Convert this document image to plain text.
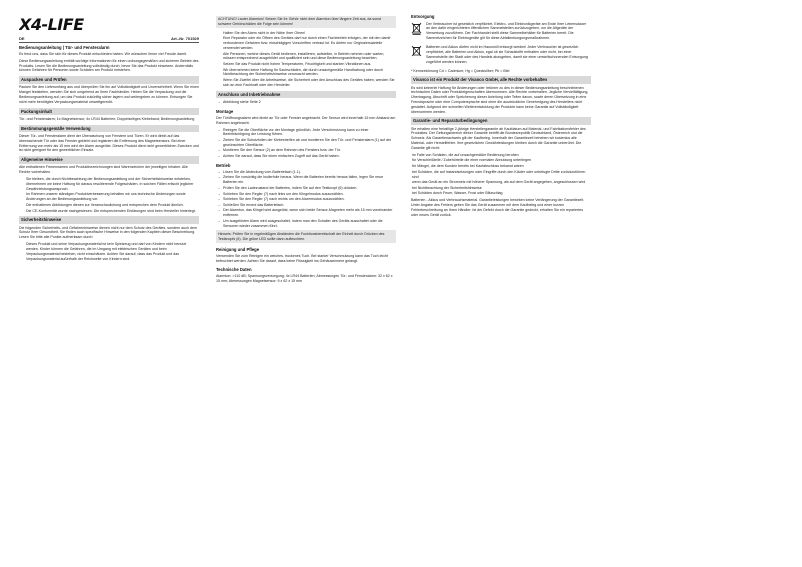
X4-LIFE
DE	Art.-Nr. 701529
Bedienungsanleitung | Tür- und Fensteralarm

Es freut uns, dass Sie sich für dieses Produkt entschieden haben. Wir wünschen Ihnen viel Freude damit.

Diese Bedienungsanleitung enthält wichtige Informationen für einen ordnungsgemäßen und sicheren Betrieb des Produkts. Lesen Sie die Bedienungsanleitung vollständig durch, bevor Sie das Produkt einsetzen. Andernfalls können Gefahren für Personen sowie Schäden am Produkt entstehen.

Auspacken und Prüfen

Packen Sie den Lieferumfang aus und überprüfen Sie ihn auf Vollständigkeit und Unversehrtheit. Wenn Sie einen Mangel feststellen, wenden Sie sich umgehend an Ihren Fachhändler. Heben Sie die Verpackung und die Bedienungsanleitung auf, um das Produkt zukünftig sicher lagern und weitergeben zu können. Entsorgen Sie nicht mehr benötigtes Verpackungsmaterial umweltgerecht.

Packungsinhalt

Tür- und Fensteralarm; 1x Magnetsensor; 4x LR44 Batterien; Doppelseitiges Klebeband; Bedienungsanleitung

Bestimmungsgemäße Verwendung

Dieser Tür- und Fensteralarm dient der Überwachung von Fenstern und Türen. Er wird direkt auf das überwachende Tür oder das Fenster geklebt und registriert die Entfernung des Magnetsensors. Bei einer Entfernung von mehr als 15 mm wird der Alarm ausgelöst. Dieses Produkt dient nicht gewerblichen Zwecken und ist nicht geeignet für den gewerblichen Einsatz.

Allgemeine Hinweise

Alle enthaltenen Firmennamen und Produktbezeichnungen sind Warenzeichen der jeweiligen Inhaber. Alle Rechte vorbehalten.

• Sie bleiben, die durch Nichtbeachtung der Bedienungsanleitung und der Sicherheitshinweise entstehen, übernehmen wir keine Haftung für daraus resultierende Folgeschäden. In solchen Fällen erlischt jeglicher Gewährleistungsanspruch.
• Im Rahmen unserer ständigen Produktverbesserung behalten wir uns technische Änderungen sowie Änderungen an der Bedienungsanleitung vor.
• Die enthaltenen Abbildungen dienen zur Veranschaulichung und entsprechen dem Produkt ähnlich.
• Die CE-Konformität wurde nachgewiesen. Die entsprechenden Erklärungen sind beim Hersteller hinterlegt.
Sicherheitshinweise

Die folgenden Sicherheits- und Gefahrenhinweise dienen nicht nur dem Schutz des Gerätes, sondern auch dem Schutz Ihrer Gesundheit. Sie finden auch spezifische Hinweise in den folgenden Kapiteln dieser Beschreibung. Lesen Sie bitte alle Punkte aufmerksam durch:

• Dieses Produkt und seine Verpackungsmaterial ist kein Spielzeug und darf von Kindern nicht benutzt werden. Kinder können die Gefahren, die im Umgang mit elektrischen Geräten und beim Verpackungsmaterial bestehen, nicht einschätzen. Achten Sie darauf, dass das Produkt und das Verpackungsmaterial außerhalb der Reichweite von Kindern sind.
ACHTUNG! Lauter Alarmton! Setzen Sie Ihr Gehör nicht dem Alarmton über längere Zeit aus, da sonst schwere Gehörschäden die Folge sein können!
• Halten Sie den Alarm nicht in der Nähe Ihrer Ohren!
• Eine Reparatur oder ein Öffnen des Gerätes darf nur durch einen Fachbetrieb erfolgen, der mit den damit verbundenen Gefahren bzw. einschlägigen Vorschriften vertraut ist. Es dürfen nur Originalersatzteile verwendet werden.
• Alle Personen, welche dieses Gerät bedienen, installieren, aufstellen, in Betrieb nehmen oder warten, müssen entsprechend ausgebildet und qualifiziert sein und diese Bedienungsanleitung beachten.
• Setzen Sie das Produkt nicht hohen Temperaturen, Feuchtigkeit und starken Vibrationen aus.
• Wir übernehmen keine Haftung für Sachschäden, die durch unsachgemäße Handhabung oder durch Nichtbeachtung der Sicherheitshinweise verursacht werden.
• Wenn Sie Zweifel über die Arbeitsweise, die Sicherheit oder den Anschluss des Gerätes haben, wenden Sie sich an eine Fachkraft oder den Hersteller.
Anschluss und Inbetriebnahme
→ Abbildung siehe Seite 2
Montage

Der Türöffnungsalarm wird direkt an Tür oder Fenster angebracht. Der Sensor wird innerhalb 15 mm Abstand am Rahmen angebracht.

→ Reinigen Sie die Oberfläche vor der Montage gründlich. Jede Verschmutzung kann zu einer Beeinträchtigung der Leistung führen.
→ Ziehen Sie die Schutzfolien der Klebestreifen ab und montieren Sie den Tür- und Fensteralarm (1) auf der gewünschten Oberfläche.
→ Montieren Sie den Sensor (2) an dem Rahmen des Fensters bzw. der Tür.
→ Achten Sie darauf, dass Sie einen einfachen Zugriff auf das Gerät haben.
Betrieb
→ Lösen Sie die Abdeckung vom Batteriefach (1.1).
→ Ziehen Sie vorsichtig die Isolierfolie heraus. Wenn die Batterien bereits heraus fallen, legen Sie neue Batterien ein.
→ Prüfen Sie den Ladezustand der Batterien, indem Sie auf den Testknopf (6) drücken.
→ Schieben Sie den Regler (7) nach links um den Klingelmodus auszuwählen.
→ Schieben Sie den Regler (7) nach rechts um den Alarmmodus auszuwählen.
→ Schließen Sie erneut das Batteriefach.
→ Der Alarmton, das Klingel wird ausgelöst, wenn sich beide Sensor-Magneten mehr als 15 mm voneinander entfernen.
→ Um ausgelösten Alarm wird ausgeschaltet, indem man den Schalter des Geräts ausschaltet oder die Sensoren wieder zusammen führt.
Hinweis: Prüfen Sie in regelmäßigen Abständen die Funktionsbereitschaft der Einheit durch Drücken des Testknopfs (6). Die grüne LED sollte dann aufleuchten.
Reinigung und Pflege

Verwenden Sie zum Reinigen ein weiches, trockenes Tuch. Bei starker Verschmutzung kann das Tuch leicht befeuchtet werden. Achten Sie darauf, dass keine Flüssigkeit ins Gehäuseinnere gelangt.

Technische Daten

Alarmton: >110 dB; Spannungsversorgung: 4x LR44 Batterien; Abmessungen Tür- und Fensteralarm: 32 x 62 x 15 mm; Abmessungen Magnetsensor: 9 x 62 x 15 mm

Entsorgung

Der Verbraucher ist gesetzlich verpflichtet, Elektro- und Elektronikgeräte am Ende ihrer Lebensdauer an den dafür eingerichteten öffentlichen Sammelstellen zurückzugeben, um die Altgeräte der Verwertung zuzuführen. Der Fachhandel stellt diese Sammelbehälter für Batterien bereit. Die Sammelzeichen für Elektrogeräte gilt für diese Abfallentsorgungsmaßnahmen.

Batterien und Akkus dürfen nicht im Hausmüll entsorgt werden! Jeder Verbraucher ist gesetzlich verpflichtet, alle Batterien und Akkus, egal ob sie Schadstoffe enthalten oder nicht, bei einer Sammelstelle der Stadt oder des Handels abzugeben, damit sie einer umweltschonenden Entsorgung zugeführt werden können.

* Kennzeichnung Cd = Cadmium; Hg = Quecksilber; Pb = Blei

Vivanco ist ein Produkt der Vivanco GmbH, alle Rechte vorbehalten

Es wird keinerlei Haftung für Änderungen oder Irrtümer zu des in dieser Bedienungsanleitung beschriebenen technischen Daten oder Produkteigenschaften übernommen. Alle Rechte vorbehalten. Jegliche Vervielfältigung, Übertragung, Abschrift oder Speicherung dieser Anleitung oder Teilen davon, sowie deren Übersetzung in eine Fremdsprache oder eine Computersprache sind ohne die ausdrückliche Genehmigung des Herstellers nicht gestattet. Aufgrund der schnellen Weiterentwicklung der Produkte kann keine Garantie auf Vollständigkeit übernommen werden.

Garantie- und Reparaturbedingungen

Sie erhalten eine freiwillige 2-jährige Herstellergarantie ab Kaufdatum auf Material- und Fabrikationsfehler des Produktes. Der Geltungsbereich dieser Garantie betrifft die Bundesrepublik Deutschland, Österreich und die Schweiz. Als Garantienachweis gilt der Kaufbeleg. Innerhalb der Garantiezeit beheben wir kostenlos alle Material- oder Herstellfehler. Ihre gesetzlichen Gewährleistungen bleiben durch die Garantie unberührt. Die Garantie gilt nicht:

im Falle von Schäden, die auf unsachgemäßer Bedienung beruhen
für Verschleißteile / Zubehörteile die einer normalen Abnutzung unterliegen
für Mängel, die dem Kunden bereits bei Kaufabschluss bekannt waren
bei Schäden, die auf Instandsetzungen oder Eingriffe durch den Käufer oder unbefugte Dritte zurückzuführen sind
wenn das Gerät an ein Stromnetz mit höherer Spannung, als auf dem Gerät angegeben, angeschlossen wird
bei Nichtbeachtung der Sicherheitshinweise
bei Schäden durch Feuer, Wasser, Frost oder Blitzschlag

Batterien - Akkus und Verbrauchsmaterial. Garantieleistungen bewirken keine Verlängerung der Garantiezeit. Unter Angabe des Fehlers geben Sie das Gerät zusammen mit dem Kaufbeleg und einer kurzen Fehlerbeschreibung an Ihren Händler. Ist der Defekt durch die Garantie gedeckt, erhalten Sie ein repariertes oder neues Gerät zurück.
